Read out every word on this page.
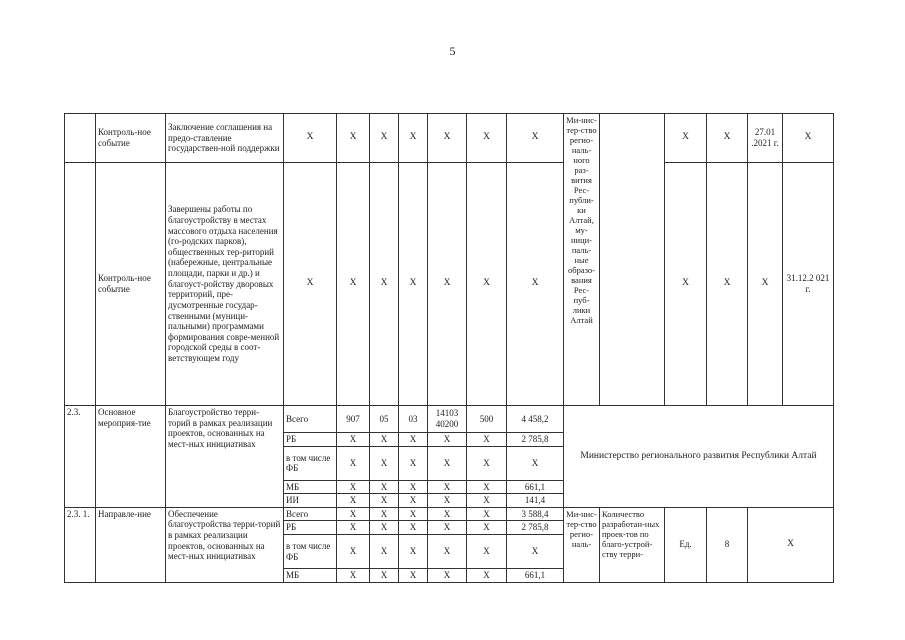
5
	Контроль-ное событие	Заключение соглашения на предо-ставление государствен-ной поддержки	X	X	X	X	X	X	X	Ми-нис-тер-ство регио-наль-ного раз-вития Рес-публи-ки Алтай, му-ници-паль-ные образо-вания Рес-пуб-лики Алтай		X	X	27.01 .2021 г.	X
	Контроль-ное событие	Завершены работы по благоустройству в местах массового отдыха населения (го-родских парков), общественных тер-риторий (набережные, центральные площади, парки и др.) и благоуст-ройству дворовых территорий, пре-дусмотренные государ-ственными (муници-пальными) программами формирования совре-менной городской среды в соот-ветствующем году	X	X	X	X	X	X	X			X	X	X	31.12.2 021 г.
2.3.	Основное мероприя-тие	Благоустройство терри-торий в рамках реализации проектов, основанных на мест-ных инициативах	Всего	907	05	03	14103 40200	500	4 458,2	Министерство регионального развития Республики Алтай					
			РБ	X	X	X	X	X	2 785,8						
			в том числе ФБ	X	X	X	X	X	X						
			МБ	X	X	X	X	X	661,1						
			ИИ	X	X	X	X	X	141,4						
2.3. 1.	Направле-ние	Обеспечение благоустройства терри-торий в рамках реализации проектов, основанных на мест-ных инициативах	Всего	X	X	X	X	X	3 588,4	Ми-нис-тер-ство регио-наль-	Количество разработан-ных проек-тов по благо-устрой-ству терри-	Ед.	8	X	
			РБ	X	X	X	X	X	2 785,8						
			в том числе ФБ	X	X	X	X	X	X						
			МБ	X	X	X	X	X	661,1						
